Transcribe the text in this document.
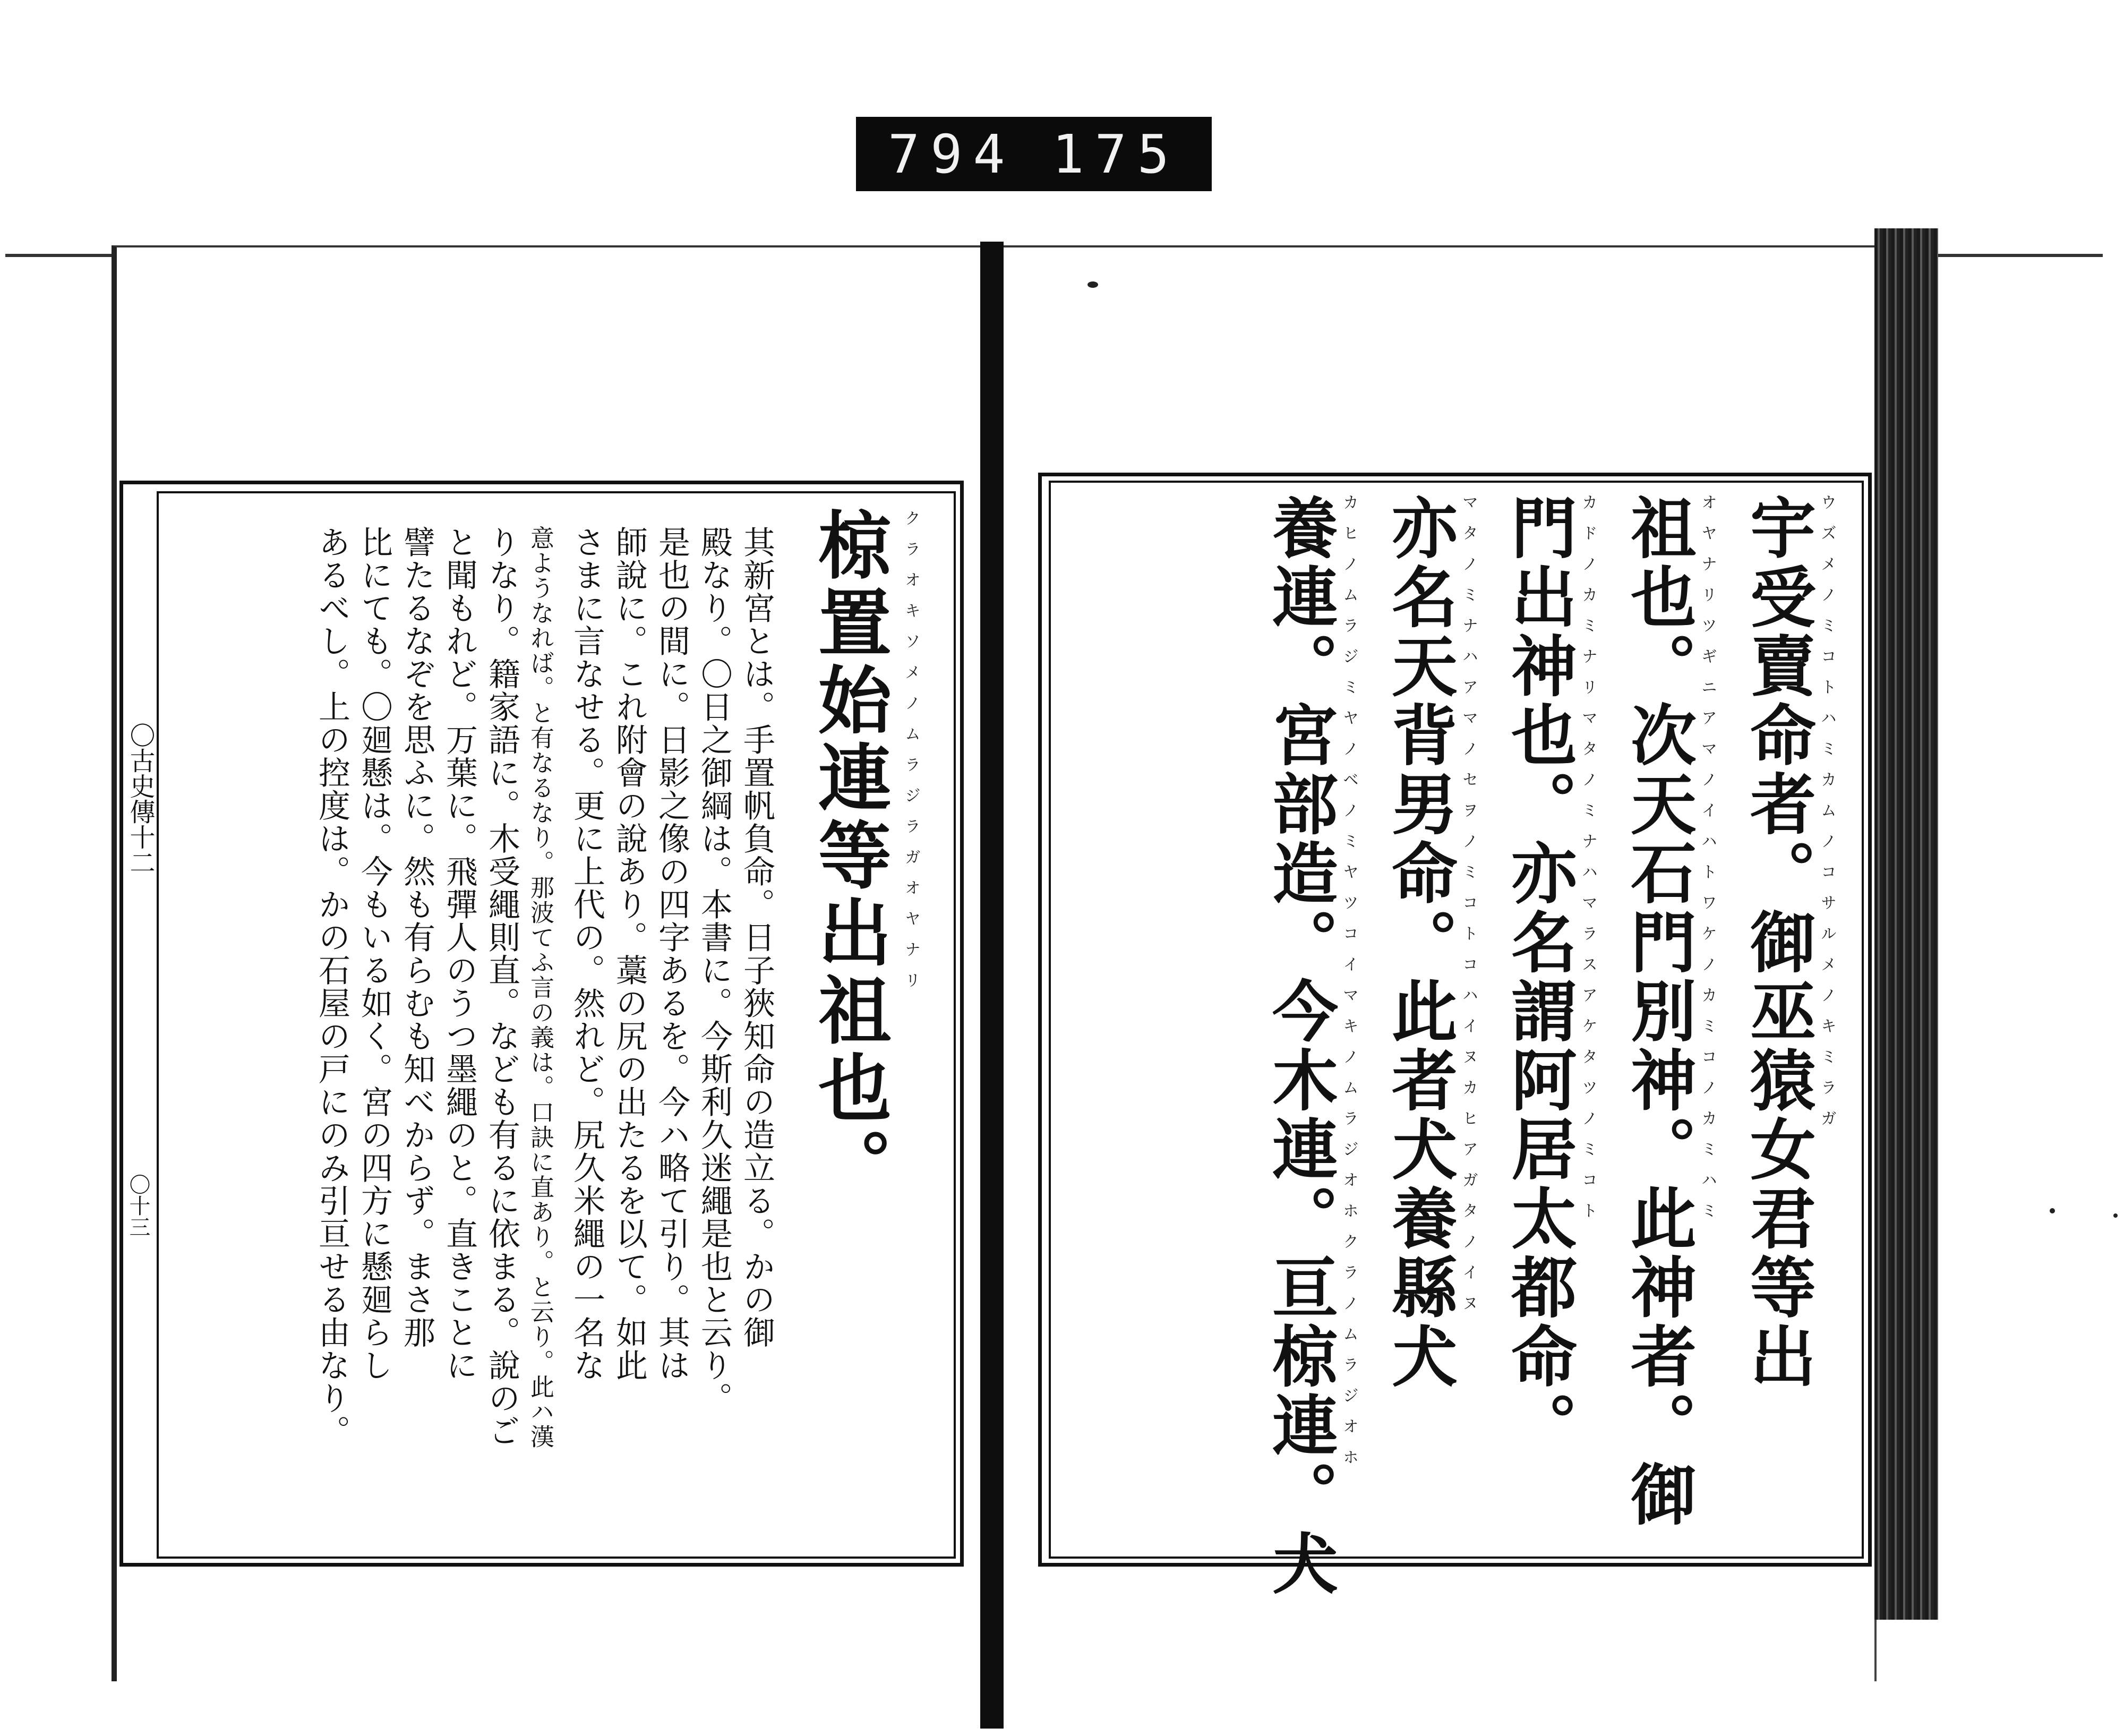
794 175
ウズメノミコトハミカムノコサルメノキミラガ
宇受賣命者。御巫猿女君等出
オヤナリツギニアマノイハトワケノカミコノカミハミ
祖也。次天石門別神。此神者。御
カドノカミナリマタノミナハマラスアケタツノミコト
門出神也。亦名謂阿居太都命。
マタノミナハアマノセヲノミコトコハイヌカヒアガタノイヌ
亦名天背男命。此者犬養縣犬
カヒノムラジミヤノベノミヤツコイマキノムラジオホクラノムラジオホ
養連。宮部造。今木連。亘椋連。犬
クラオキソメノムラジラガオヤナリ
椋置始連等出祖也。
其新宮とは。手置帆負命。日子狹知命の造立る。かの御
殿なり。〇日之御綱は。本書に。今斯利久迷繩是也と云り。
是也の間に。日影之像の四字あるを。今ハ略て引り。其は
師說に。これ附會の說あり。藁の尻の出たるを以て。如此
さまに言なせる。更に上代の。然れど。尻久米繩の一名な
意ようなれば。と有なるなり。那波てふ言の義は。口訣に直あり。と云り。此ハ漢
りなり。籍家語に。木受繩則直。なども有るに依まる。說のご
と聞もれど。万葉に。飛彈人のうつ墨繩のと。直きことに
譬たるなぞを思ふに。然も有らむも知べからず。まさ那
比にても。〇廻懸は。今もいる如く。宮の四方に懸廻らし
あるべし。上の控度は。かの石屋の戸にのみ引亘せる由なり。
〇古史傳十二
〇十三
